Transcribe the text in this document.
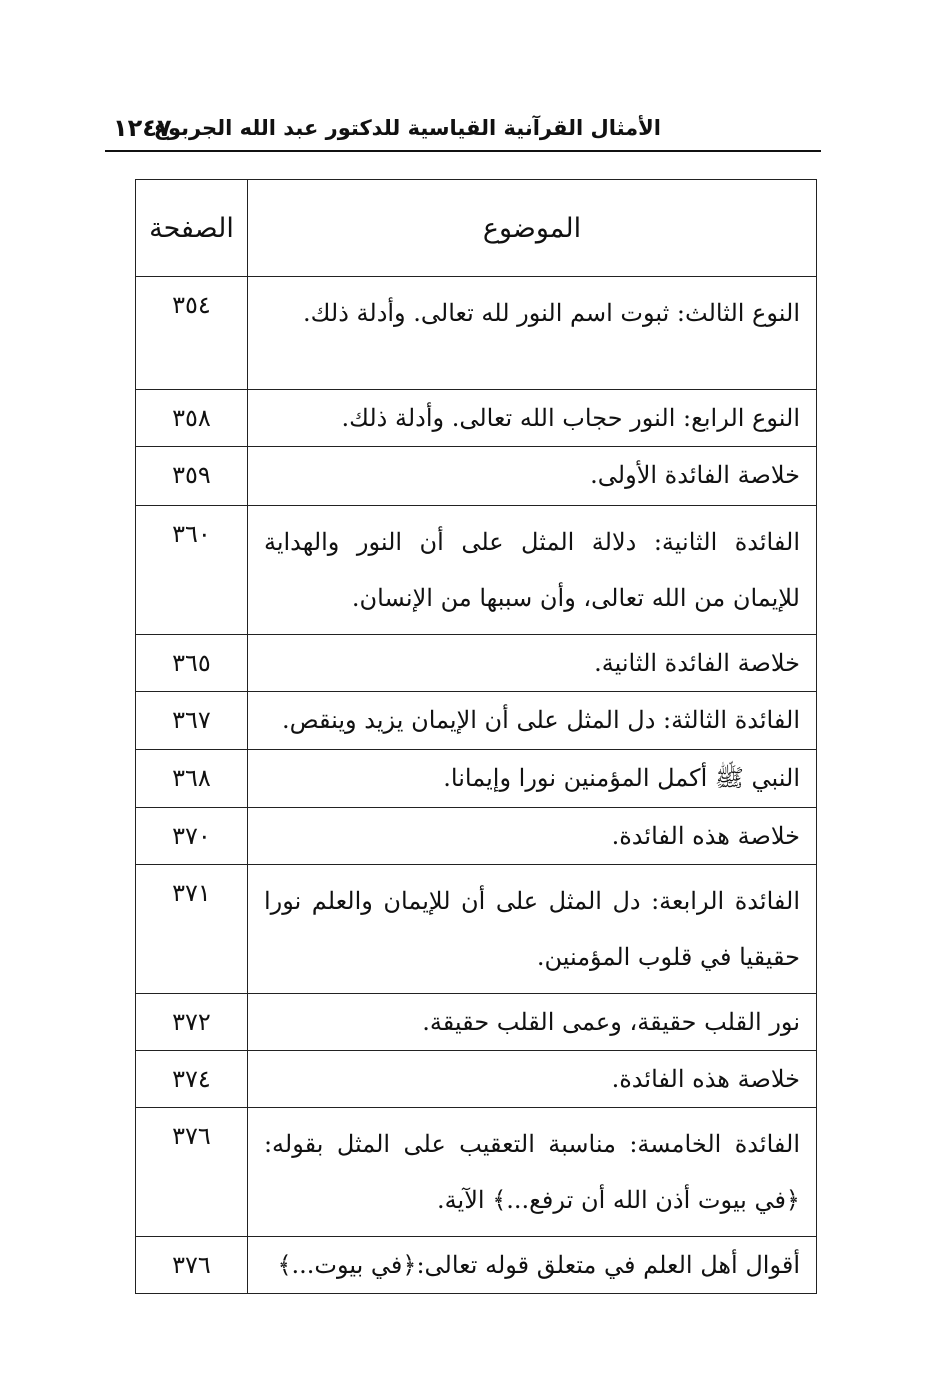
الأمثال القرآنية القياسية للدكتور عبد الله الجربوع
١٢٤٧
الموضوع	الصفحة
النوع الثالث: ثبوت اسم النور لله تعالى. وأدلة ذلك.	٣٥٤
النوع الرابع: النور حجاب الله تعالى. وأدلة ذلك.	٣٥٨
خلاصة الفائدة الأولى.	٣٥٩
الفائدة الثانية: دلالة المثل على أن النور والهداية للإيمان من الله تعالى، وأن سببها من الإنسان.	٣٦٠
خلاصة الفائدة الثانية.	٣٦٥
الفائدة الثالثة: دل المثل على أن الإيمان يزيد وينقص.	٣٦٧
النبي ﷺ أكمل المؤمنين نورا وإيمانا.	٣٦٨
خلاصة هذه الفائدة.	٣٧٠
الفائدة الرابعة: دل المثل على أن للإيمان والعلم نورا حقيقيا في قلوب المؤمنين.	٣٧١
نور القلب حقيقة، وعمى القلب حقيقة.	٣٧٢
خلاصة هذه الفائدة.	٣٧٤
الفائدة الخامسة: مناسبة التعقيب على المثل بقوله: ﴿في بيوت أذن الله أن ترفع...﴾ الآية.	٣٧٦
أقوال أهل العلم في متعلق قوله تعالى:﴿في بيوت...﴾	٣٧٦
